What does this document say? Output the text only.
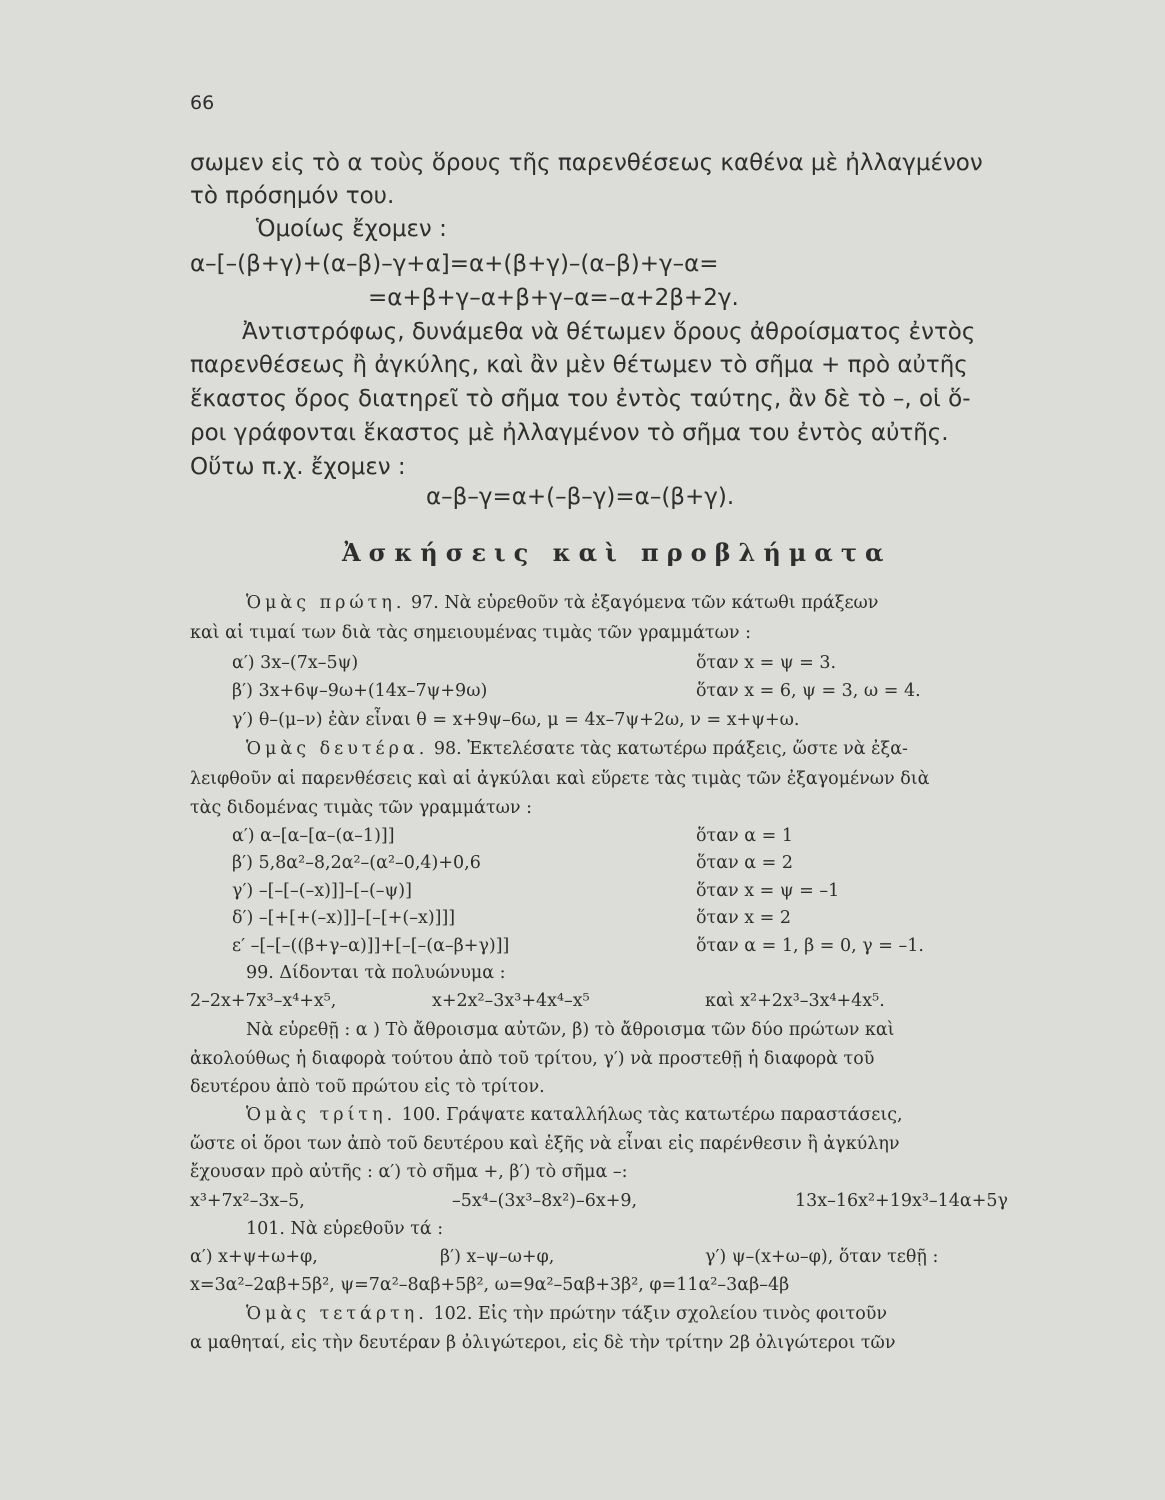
66
σωμεν εἰς τὸ α τοὺς ὅρους τῆς παρενθέσεως καθένα μὲ ἠλλαγμένον
τὸ πρόσημόν του.
Ὁμοίως ἔχομεν :
α–[–(β+γ)+(α–β)–γ+α]=α+(β+γ)–(α–β)+γ–α=
=α+β+γ–α+β+γ–α=–α+2β+2γ.
Ἀντιστρόφως, δυνάμεθα νὰ θέτωμεν ὅρους ἀθροίσματος ἐντὸς
παρενθέσεως ἢ ἀγκύλης, καὶ ἂν μὲν θέτωμεν τὸ σῆμα + πρὸ αὐτῆς
ἕκαστος ὅρος διατηρεῖ τὸ σῆμα του ἐντὸς ταύτης, ἂν δὲ τὸ –, οἱ ὅ-
ροι γράφονται ἕκαστος μὲ ἠλλαγμένον τὸ σῆμα του ἐντὸς αὐτῆς.
Οὕτω π.χ. ἔχομεν :
α–β–γ=α+(–β–γ)=α–(β+γ).
Ἀσκήσεις καὶ προβλήματα
Ὁμὰς πρώτη. 97. Νὰ εὑρεθοῦν τὰ ἐξαγόμενα τῶν κάτωθι πράξεων
καὶ αἱ τιμαί των διὰ τὰς σημειουμένας τιμὰς τῶν γραμμάτων :
α′) 3x–(7x–5ψ)	ὅταν x = ψ = 3.
β′) 3x+6ψ–9ω+(14x–7ψ+9ω)	ὅταν x = 6, ψ = 3, ω = 4.
γ′) θ–(μ–ν) ἐὰν εἶναι θ = x+9ψ–6ω, μ = 4x–7ψ+2ω, ν = x+ψ+ω.
Ὁμὰς δευτέρα. 98. Ἐκτελέσατε τὰς κατωτέρω πράξεις, ὥστε νὰ ἐξα-
λειφθοῦν αἱ παρενθέσεις καὶ αἱ ἀγκύλαι καὶ εὕρετε τὰς τιμὰς τῶν ἐξαγομένων διὰ
τὰς διδομένας τιμὰς τῶν γραμμάτων :
α′) α–[α–[α–(α–1)]]	ὅταν α = 1
β′) 5,8α²–8,2α²–(α²–0,4)+0,6	ὅταν α = 2
γ′) –[–[–(–x)]]–[–(–ψ)]	ὅταν x = ψ = –1
δ′) –[+[+(–x)]]–[–[+(–x)]]]	ὅταν x = 2
ε′ –[–[–((β+γ–α)]]+[–[–(α–β+γ)]]	ὅταν α = 1, β = 0, γ = –1.
99. Δίδονται τὰ πολυώνυμα :
2–2x+7x³–x⁴+x⁵,	x+2x²–3x³+4x⁴–x⁵	καὶ x²+2x³–3x⁴+4x⁵.
Νὰ εὑρεθῇ : α ) Τὸ ἄθροισμα αὐτῶν, β) τὸ ἄθροισμα τῶν δύο πρώτων καὶ
ἀκολούθως ἡ διαφορὰ τούτου ἀπὸ τοῦ τρίτου, γ′) νὰ προστεθῇ ἡ διαφορὰ τοῦ
δευτέρου ἀπὸ τοῦ πρώτου εἰς τὸ τρίτον.
Ὁμὰς τρίτη. 100. Γράψατε καταλλήλως τὰς κατωτέρω παραστάσεις,
ὥστε οἱ ὅροι των ἀπὸ τοῦ δευτέρου καὶ ἑξῆς νὰ εἶναι εἰς παρένθεσιν ἢ ἀγκύλην
ἔχουσαν πρὸ αὐτῆς : α′) τὸ σῆμα +, β′) τὸ σῆμα –:
x³+7x²–3x–5,	–5x⁴–(3x³–8x²)–6x+9,	13x–16x²+19x³–14α+5γ
101. Νὰ εὑρεθοῦν τά :
α′) x+ψ+ω+φ,	β′) x–ψ–ω+φ,	γ′) ψ–(x+ω–φ), ὅταν τεθῇ :
x=3α²–2αβ+5β², ψ=7α²–8αβ+5β², ω=9α²–5αβ+3β², φ=11α²–3αβ–4β
Ὁμὰς τετάρτη. 102. Εἰς τὴν πρώτην τάξιν σχολείου τινὸς φοιτοῦν
α μαθηταί, εἰς τὴν δευτέραν β ὀλιγώτεροι, εἰς δὲ τὴν τρίτην 2β ὀλιγώτεροι τῶν
